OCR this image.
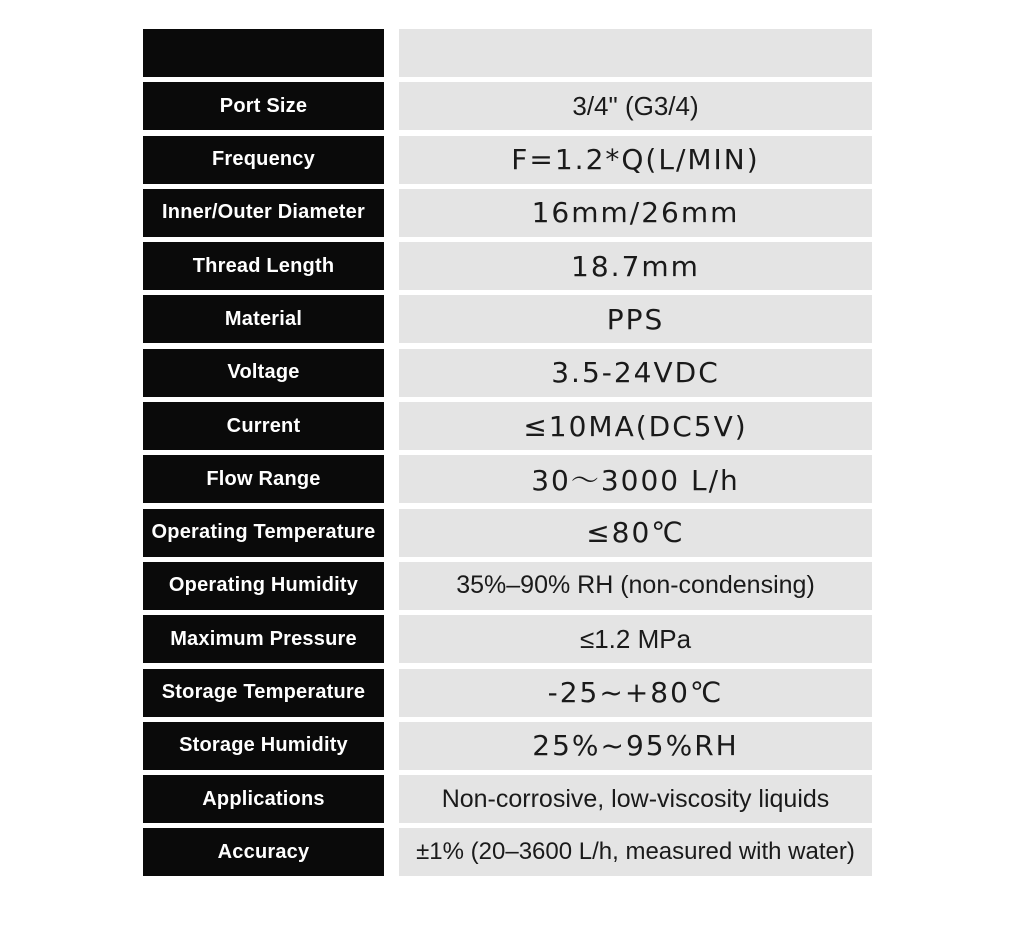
Port Size	3/4" (G3/4)
Frequency	F=1.2*Q(L/MIN)
Inner/Outer Diameter	16mm/26mm
Thread Length	18.7mm
Material	PPS
Voltage	3.5-24VDC
Current	≤10MA(DC5V)
Flow Range	30～3000 L/h
Operating Temperature	≤80℃
Operating Humidity	35%–90% RH (non-condensing)
Maximum Pressure	≤1.2 MPa
Storage Temperature	-25~+80℃
Storage Humidity	25%~95%RH
Applications	Non-corrosive, low-viscosity liquids
Accuracy	±1% (20–3600 L/h, measured with water)
